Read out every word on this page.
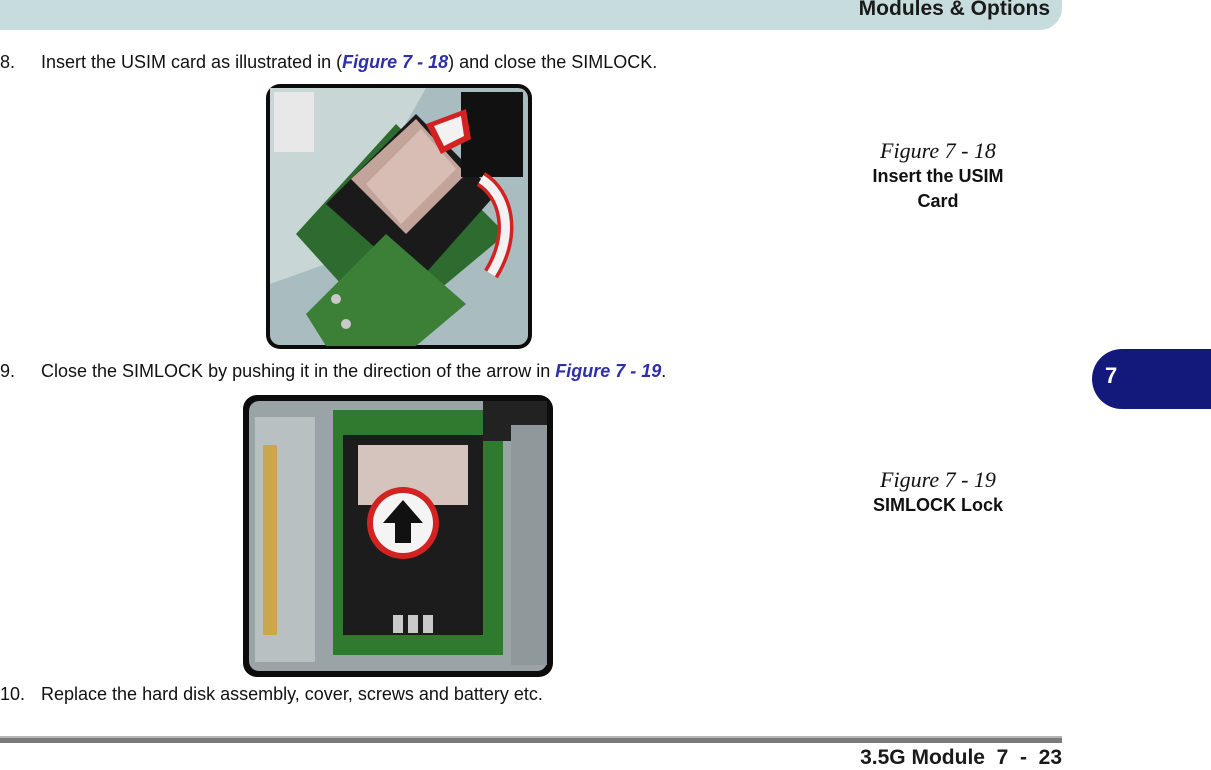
Modules & Options
7
8. Insert the USIM card as illustrated in (Figure 7 - 18) and close the SIMLOCK.
Figure 7 - 18
Insert the USIM
Card
9. Close the SIMLOCK by pushing it in the direction of the arrow in Figure 7 - 19.
Figure 7 - 19
SIMLOCK Lock
10. Replace the hard disk assembly, cover, screws and battery etc.
3.5G Module  7  -  23
